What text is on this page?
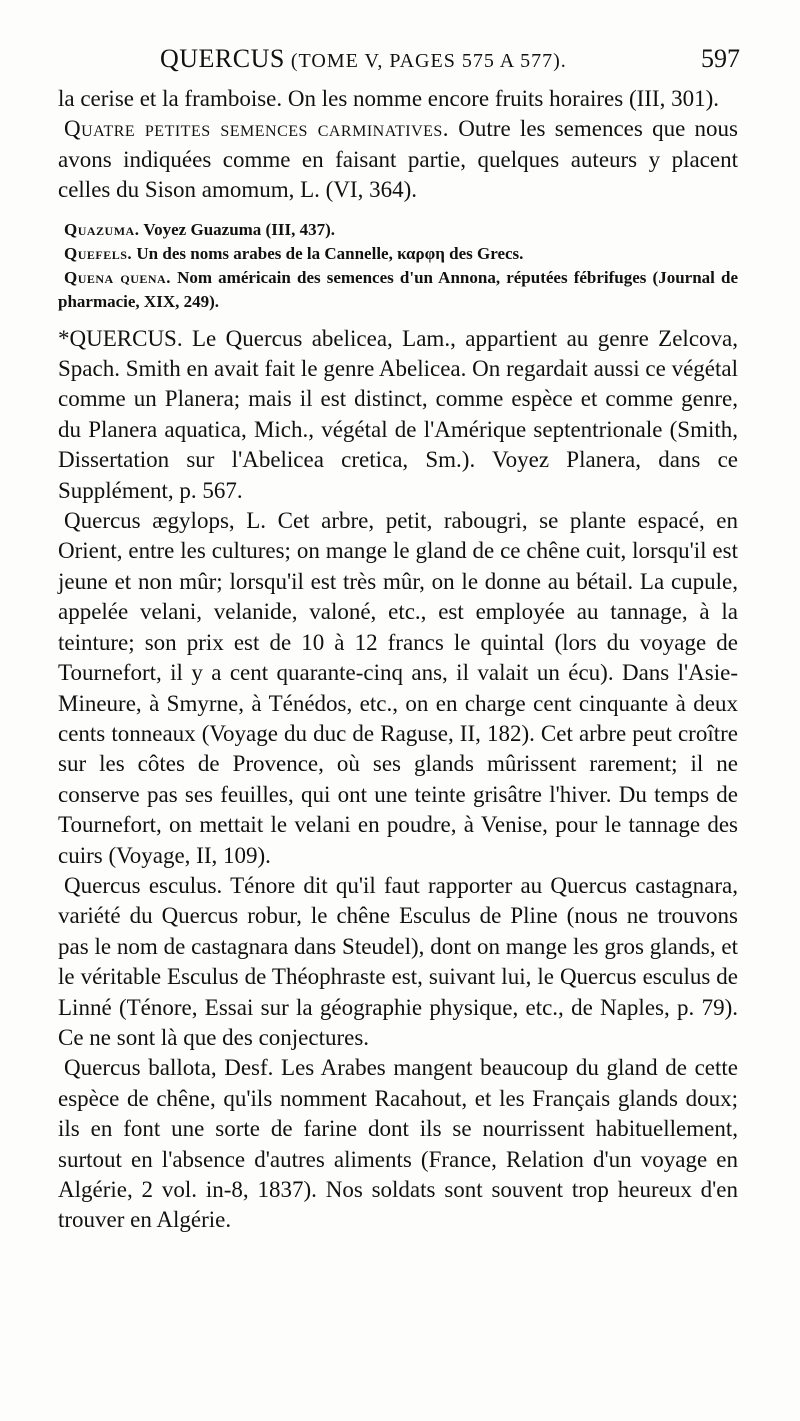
QUERCUS (TOME V, PAGES 575 A 577).	597

la cerise et la framboise. On les nomme encore fruits horaires (III, 301).

Quatre petites semences carminatives. Outre les semences que nous avons indiquées comme en faisant partie, quelques auteurs y placent celles du Sison amomum, L. (VI, 364).

Quazuma. Voyez Guazuma (III, 437).

Quefels. Un des noms arabes de la Cannelle, καρφη des Grecs.

Quena quena. Nom américain des semences d'un Annona, réputées fébrifuges (Journal de pharmacie, XIX, 249).

*QUERCUS. Le Quercus abelicea, Lam., appartient au genre Zelcova, Spach. Smith en avait fait le genre Abelicea. On regardait aussi ce végétal comme un Planera; mais il est distinct, comme espèce et comme genre, du Planera aquatica, Mich., végétal de l'Amérique septentrionale (Smith, Dissertation sur l'Abelicea cretica, Sm.). Voyez Planera, dans ce Supplément, p. 567.

Quercus ægylops, L. Cet arbre, petit, rabougri, se plante espacé, en Orient, entre les cultures; on mange le gland de ce chêne cuit, lorsqu'il est jeune et non mûr; lorsqu'il est très mûr, on le donne au bétail. La cupule, appelée velani, velanide, valoné, etc., est employée au tannage, à la teinture; son prix est de 10 à 12 francs le quintal (lors du voyage de Tournefort, il y a cent quarante-cinq ans, il valait un écu). Dans l'Asie-Mineure, à Smyrne, à Ténédos, etc., on en charge cent cinquante à deux cents tonneaux (Voyage du duc de Raguse, II, 182). Cet arbre peut croître sur les côtes de Provence, où ses glands mûrissent rarement; il ne conserve pas ses feuilles, qui ont une teinte grisâtre l'hiver. Du temps de Tournefort, on mettait le velani en poudre, à Venise, pour le tannage des cuirs (Voyage, II, 109).

Quercus esculus. Ténore dit qu'il faut rapporter au Quercus castagnara, variété du Quercus robur, le chêne Esculus de Pline (nous ne trouvons pas le nom de castagnara dans Steudel), dont on mange les gros glands, et le véritable Esculus de Théophraste est, suivant lui, le Quercus esculus de Linné (Ténore, Essai sur la géographie physique, etc., de Naples, p. 79). Ce ne sont là que des conjectures.

Quercus ballota, Desf. Les Arabes mangent beaucoup du gland de cette espèce de chêne, qu'ils nomment Racahout, et les Français glands doux; ils en font une sorte de farine dont ils se nourrissent habituellement, surtout en l'absence d'autres aliments (France, Relation d'un voyage en Algérie, 2 vol. in-8, 1837). Nos soldats sont souvent trop heureux d'en trouver en Algérie.
